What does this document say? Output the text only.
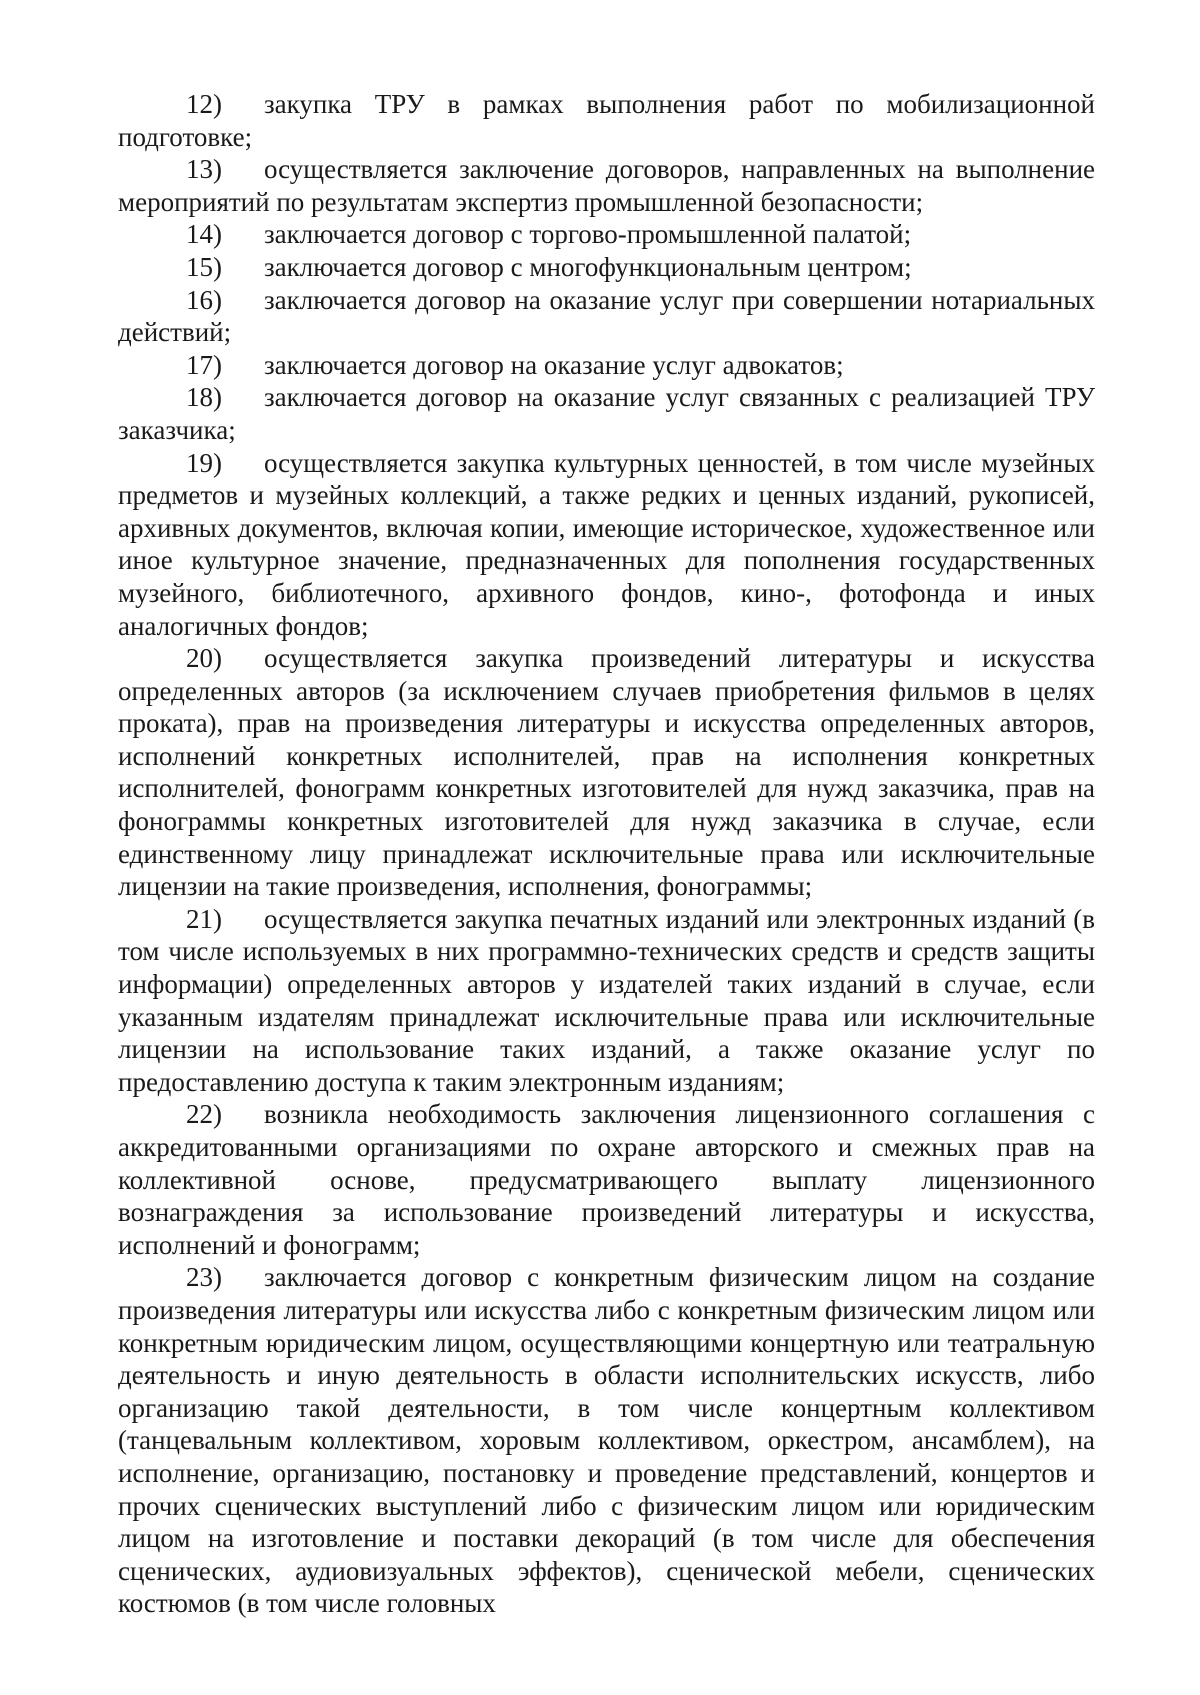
12) закупка ТРУ в рамках выполнения работ по мобилизационной подготовке;

13) осуществляется заключение договоров, направленных на выполнение мероприятий по результатам экспертиз промышленной безопасности;

14) заключается договор с торгово-промышленной палатой;

15) заключается договор с многофункциональным центром;

16) заключается договор на оказание услуг при совершении нотариальных действий;

17) заключается договор на оказание услуг адвокатов;

18) заключается договор на оказание услуг связанных с реализацией ТРУ заказчика;

19) осуществляется закупка культурных ценностей, в том числе музейных предметов и музейных коллекций, а также редких и ценных изданий, рукописей, архивных документов, включая копии, имеющие историческое, художественное или иное культурное значение, предназначенных для пополнения государственных музейного, библиотечного, архивного фондов, кино-, фотофонда и иных аналогичных фондов;

20) осуществляется закупка произведений литературы и искусства определенных авторов (за исключением случаев приобретения фильмов в целях проката), прав на произведения литературы и искусства определенных авторов, исполнений конкретных исполнителей, прав на исполнения конкретных исполнителей, фонограмм конкретных изготовителей для нужд заказчика, прав на фонограммы конкретных изготовителей для нужд заказчика в случае, если единственному лицу принадлежат исключительные права или исключительные лицензии на такие произведения, исполнения, фонограммы;

21) осуществляется закупка печатных изданий или электронных изданий (в том числе используемых в них программно-технических средств и средств защиты информации) определенных авторов у издателей таких изданий в случае, если указанным издателям принадлежат исключительные права или исключительные лицензии на использование таких изданий, а также оказание услуг по предоставлению доступа к таким электронным изданиям;

22) возникла необходимость заключения лицензионного соглашения с аккредитованными организациями по охране авторского и смежных прав на коллективной основе, предусматривающего выплату лицензионного вознаграждения за использование произведений литературы и искусства, исполнений и фонограмм;

23) заключается договор с конкретным физическим лицом на создание произведения литературы или искусства либо с конкретным физическим лицом или конкретным юридическим лицом, осуществляющими концертную или театральную деятельность и иную деятельность в области исполнительских искусств, либо организацию такой деятельности, в том числе концертным коллективом (танцевальным коллективом, хоровым коллективом, оркестром, ансамблем), на исполнение, организацию, постановку и проведение представлений, концертов и прочих сценических выступлений либо с физическим лицом или юридическим лицом на изготовление и поставки декораций (в том числе для обеспечения сценических, аудиовизуальных эффектов), сценической мебели, сценических костюмов (в том числе головных
